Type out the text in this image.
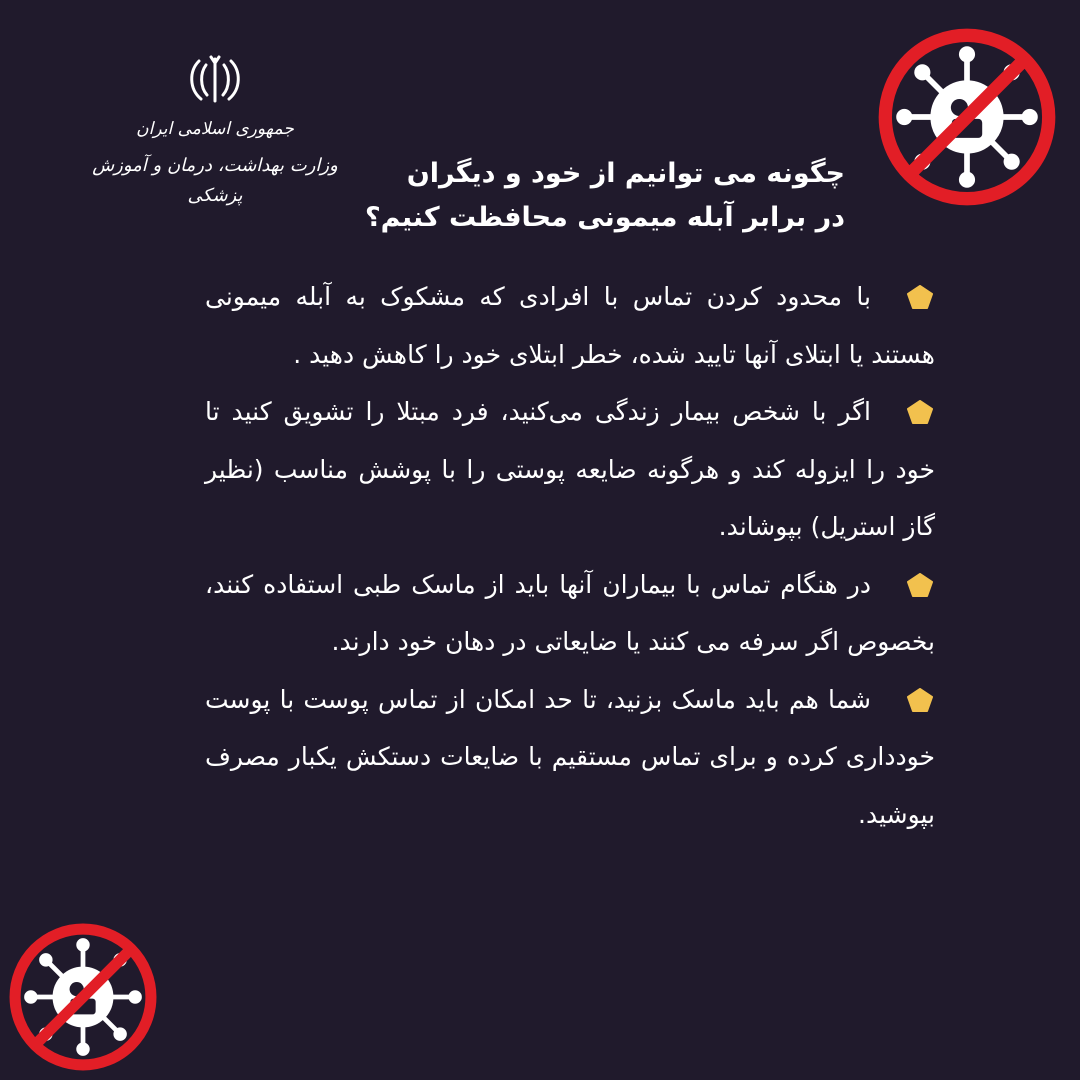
جمهوری اسلامی ایران
وزارت بهداشت، درمان و آموزش پزشکی
چگونه می توانیم از خود و دیگران
در برابر آبله میمونی محافظت کنیم؟
با محدود کردن تماس با افرادی که مشکوک به آبله میمونی هستند یا ابتلای آنها تایید شده، خطر ابتلای خود را کاهش دهید .
اگر با شخص بیمار زندگی می‌کنید، فرد مبتلا را تشویق کنید تا خود را ایزوله کند و هرگونه ضایعه پوستی را با پوشش مناسب (نظیر گاز استریل) بپوشاند.
در هنگام تماس با بیماران آنها باید از ماسک طبی استفاده کنند، بخصوص اگر سرفه می کنند یا ضایعاتی در دهان خود دارند.
شما هم باید ماسک بزنید، تا حد امکان از تماس پوست با پوست خودداری کرده و برای تماس مستقیم با ضایعات دستکش یکبار مصرف بپوشید.
